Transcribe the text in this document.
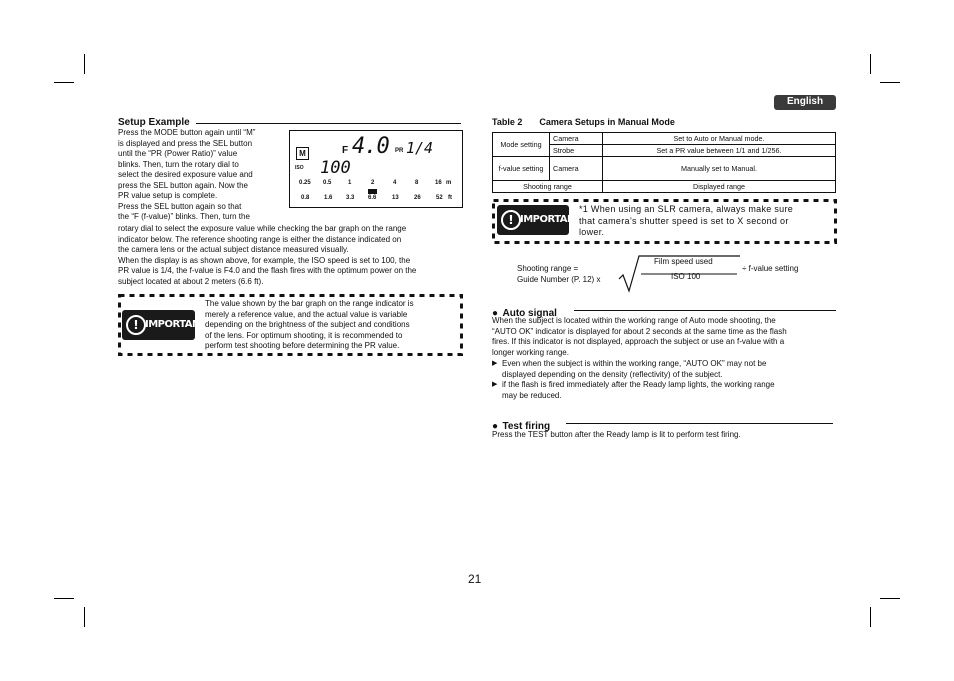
English
Setup Example
Press the MODE button again until “M”
is displayed and press the SEL button
until the “PR (Power Ratio)” value
blinks. Then, turn the rotary dial to
select the desired exposure value and
press the SEL button again. Now the
PR value setup is complete.
Press the SEL button again so that
the “F (f-value)” blinks. Then, turn the
rotary dial to select the exposure value while checking the bar graph on the range
indicator below. The reference shooting range is either the distance indicated on
the camera lens or the actual subject distance measured visually.
When the display is as shown above, for example, the ISO speed is set to 100, the
PR value is 1/4, the f-value is F4.0 and the flash fires with the optimum power on the
subject located at about 2 meters (6.6 ft).
M	F 4.0 PR 1/4
ISO 100
0.25 0.5	1	2	4	8	16 m
0.8 1.6 3.3 6.6	13	26	52 ft
! IMPORTANT
The value shown by the bar graph on the range indicator is
merely a reference value, and the actual value is variable
depending on the brightness of the subject and conditions
of the lens. For optimum shooting, it is recommended to
perform test shooting before determining the PR value.
Table 2 Camera Setups in Manual Mode
Mode setting	Camera	Set to Auto or Manual mode.
	Strobe	Set a PR value between 1/1 and 1/256.
f-value setting	Camera	Manually set to Manual.
Shooting range		Displayed range
! IMPORTANT
*1 When using an SLR camera, always make sure
that camera’s shutter speed is set to X second or
lower.
Shooting range =
Guide Number (P. 12) x
Film speed used
ISO 100
÷ f-value setting
● Auto signal
When the subject is located within the working range of Auto mode shooting, the
“AUTO OK” indicator is displayed for about 2 seconds at the same time as the flash
fires. If this indicator is not displayed, approach the subject or use an f-value with a
longer working range.
▶ Even when the subject is within the working range, “AUTO OK” may not be
displayed depending on the density (reflectivity) of the subject.
▶ if the flash is fired immediately after the Ready lamp lights, the working range
may be reduced.
● Test firing
Press the TEST button after the Ready lamp is lit to perform test firing.
21
